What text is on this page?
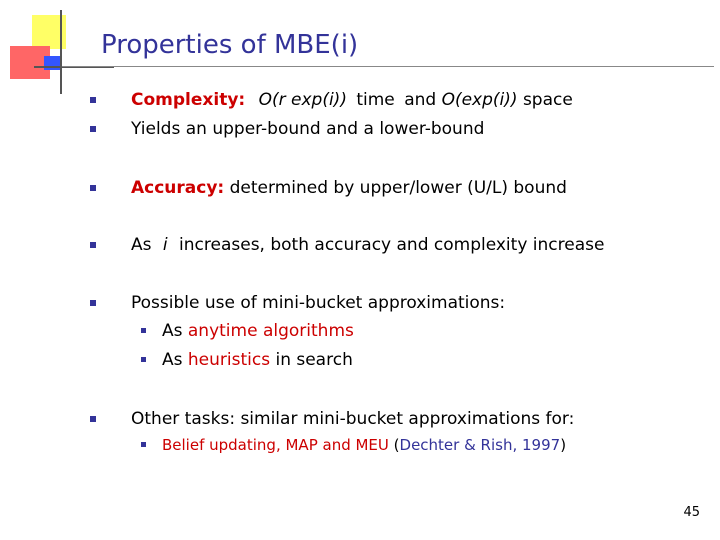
Properties of MBE(i)
Complexity: O(r exp(i)) time and O(exp(i)) space
Yields an upper-bound and a lower-bound
Accuracy: determined by upper/lower (U/L) bound
As i increases, both accuracy and complexity increase
Possible use of mini-bucket approximations:
As anytime algorithms
As heuristics in search
Other tasks: similar mini-bucket approximations for:
Belief updating, MAP and MEU (Dechter & Rish, 1997)
45
